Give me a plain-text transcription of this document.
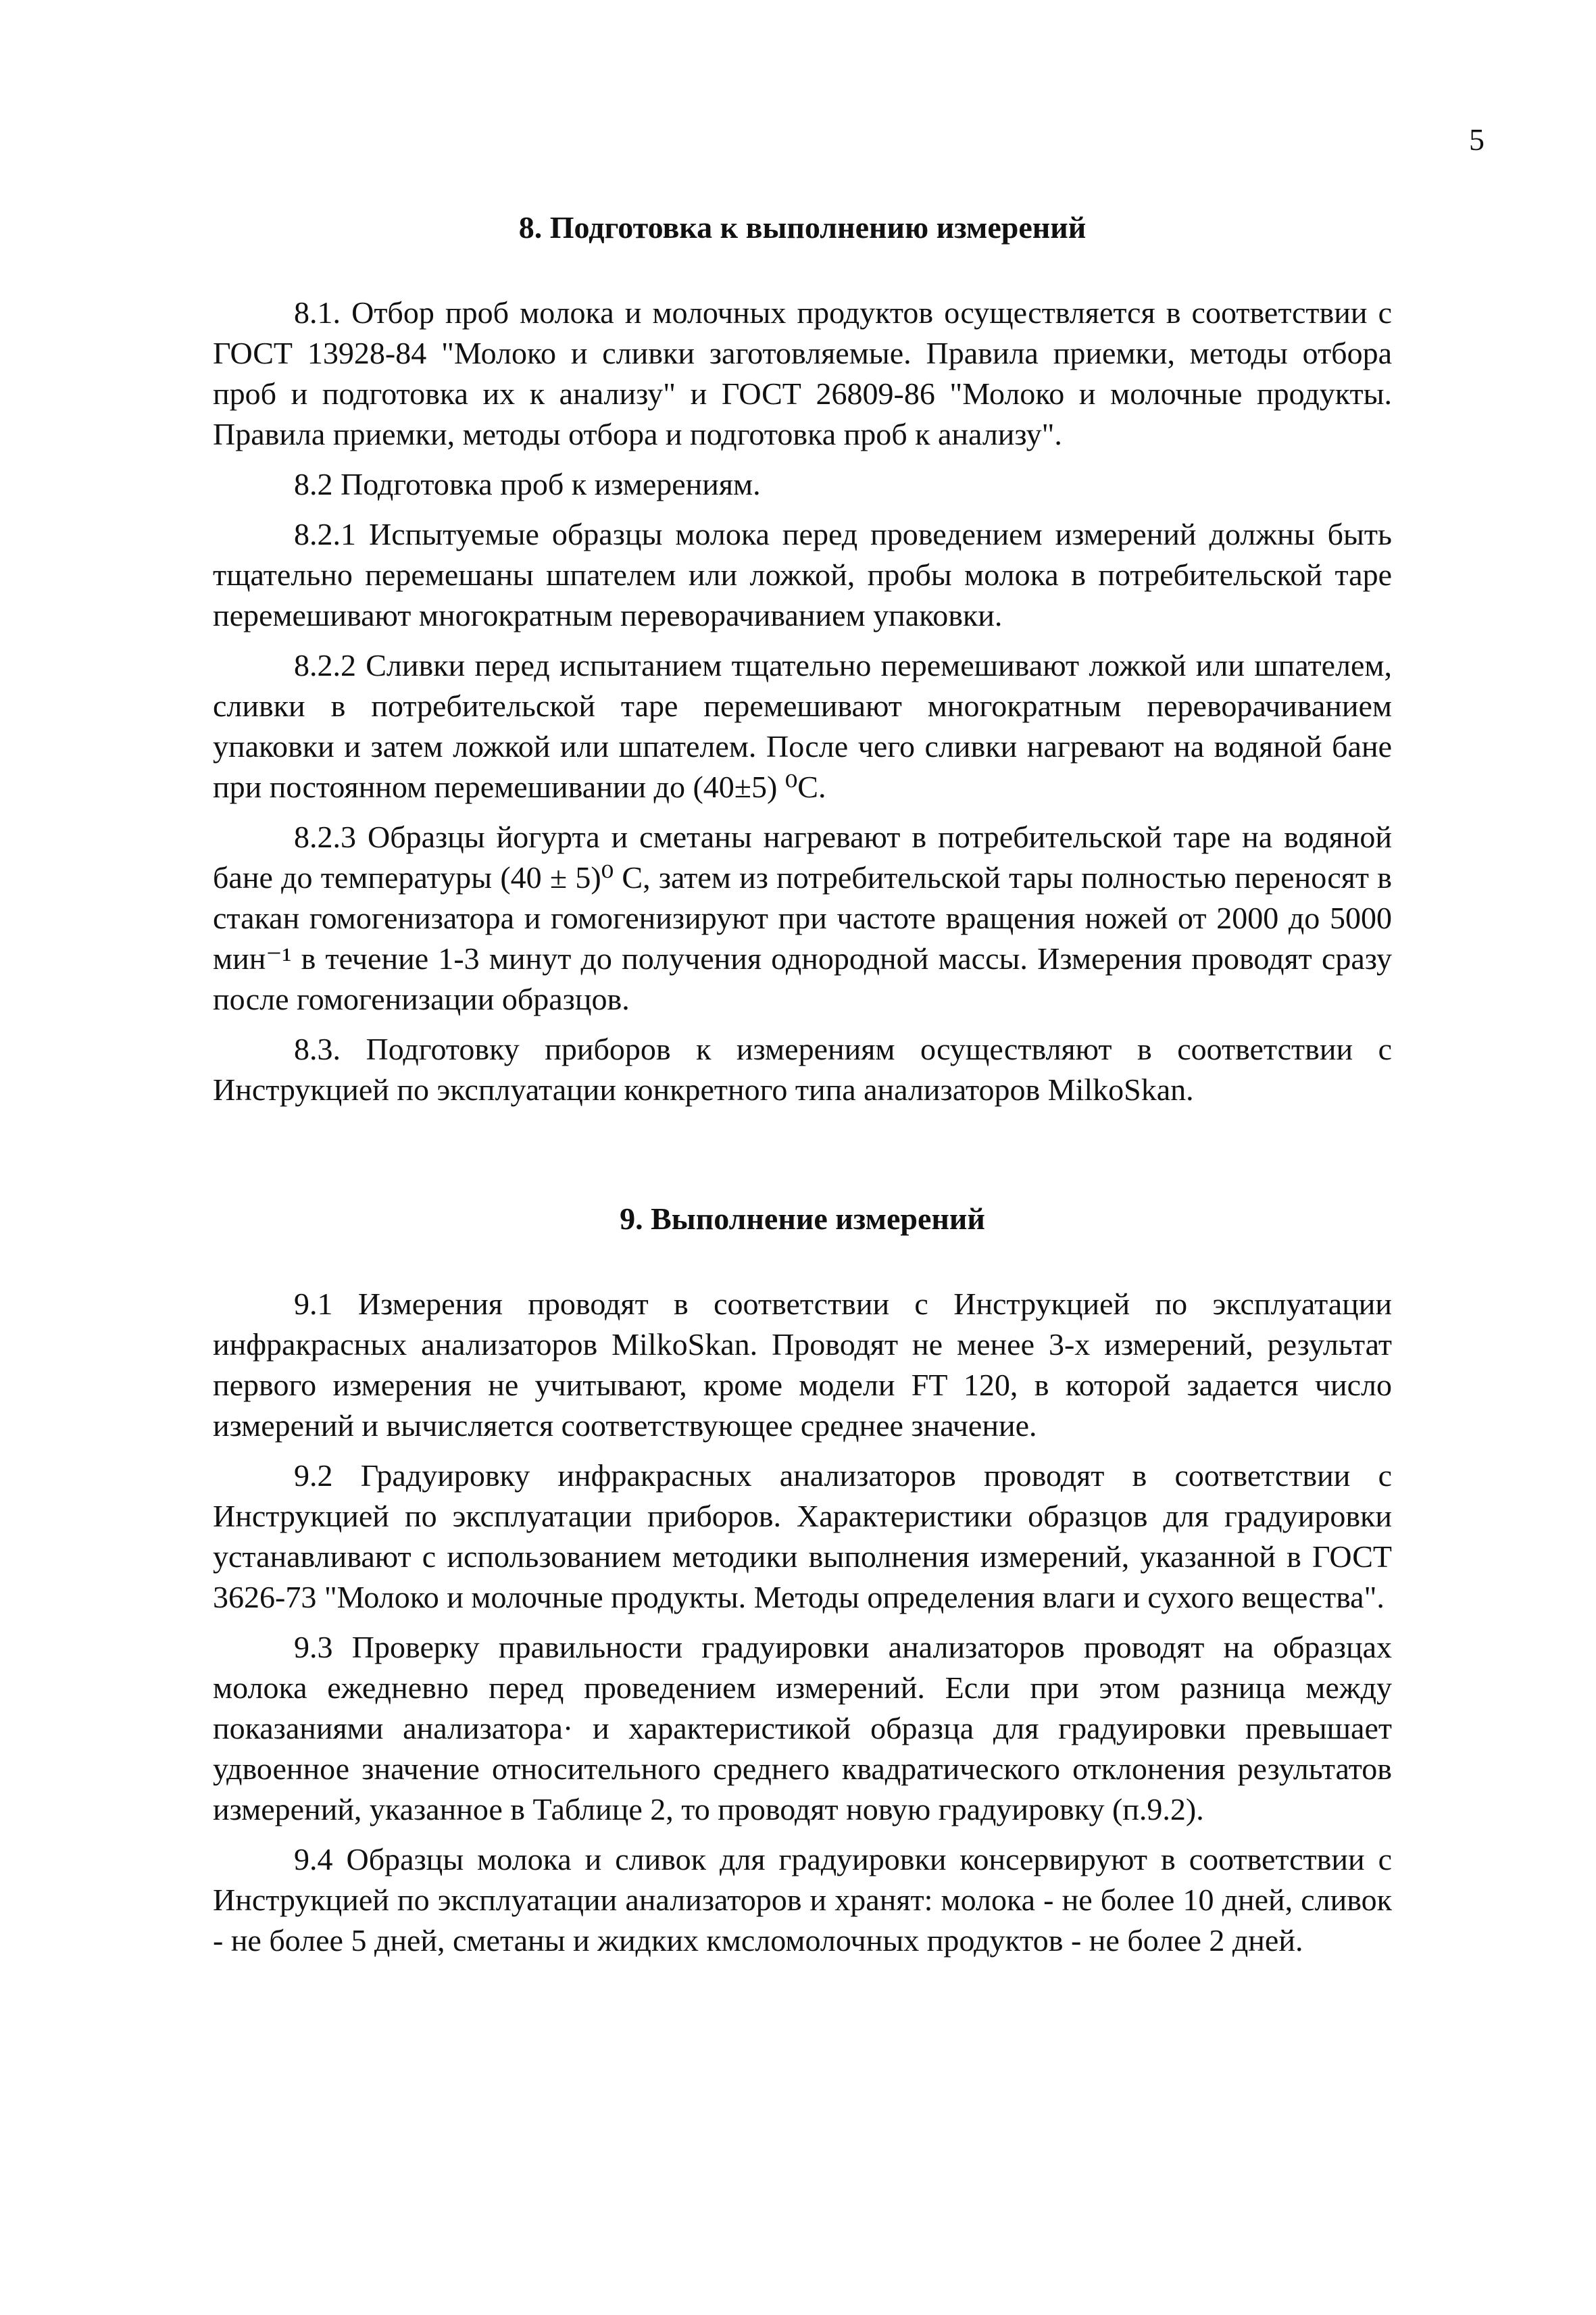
5
8. Подготовка к выполнению измерений

8.1. Отбор проб молока и молочных продуктов осуществляется в соответствии с ГОСТ 13928-84 "Молоко и сливки заготовляемые. Правила приемки, методы отбора проб и подготовка их к анализу" и ГОСТ 26809-86 "Молоко и молочные продукты. Правила приемки, методы отбора и подготовка проб к анализу".

8.2 Подготовка проб к измерениям.

8.2.1 Испытуемые образцы молока перед проведением измерений должны быть тщательно перемешаны шпателем или ложкой, пробы молока в потребительской таре перемешивают многократным переворачиванием упаковки.

8.2.2 Сливки перед испытанием тщательно перемешивают ложкой или шпателем, сливки в потребительской таре перемешивают многократным переворачиванием упаковки и затем ложкой или шпателем. После чего сливки нагревают на водяной бане при постоянном перемешивании до (40±5) ⁰С.

8.2.3 Образцы йогурта и сметаны нагревают в потребительской таре на водяной бане до температуры (40 ± 5)⁰ С, затем из потребительской тары полностью переносят в стакан гомогенизатора и гомогенизируют при частоте вращения ножей от 2000 до 5000 мин⁻¹ в течение 1-3 минут до получения однородной массы. Измерения проводят сразу после гомогенизации образцов.

8.3. Подготовку приборов к измерениям осуществляют в соответствии с Инструкцией по эксплуатации конкретного типа анализаторов MilkoSkan.

9. Выполнение измерений

9.1 Измерения проводят в соответствии с Инструкцией по эксплуатации инфракрасных анализаторов MilkoSkan. Проводят не менее 3-х измерений, результат первого измерения не учитывают, кроме модели FT 120, в которой задается число измерений и вычисляется соответствующее среднее значение.

9.2 Градуировку инфракрасных анализаторов проводят в соответствии с Инструкцией по эксплуатации приборов. Характеристики образцов для градуировки устанавливают с использованием методики выполнения измерений, указанной в ГОСТ 3626-73 "Молоко и молочные продукты. Методы определения влаги и сухого вещества".

9.3 Проверку правильности градуировки анализаторов проводят на образцах молока ежедневно перед проведением измерений. Если при этом разница между показаниями анализатора· и характеристикой образца для градуировки превышает удвоенное значение относительного среднего квадратического отклонения результатов измерений, указанное в Таблице 2, то проводят новую градуировку (п.9.2).

9.4 Образцы молока и сливок для градуировки консервируют в соответствии с Инструкцией по эксплуатации анализаторов и хранят: молока - не более 10 дней, сливок - не более 5 дней, сметаны и жидких кмсломолочных продуктов - не более 2 дней.
